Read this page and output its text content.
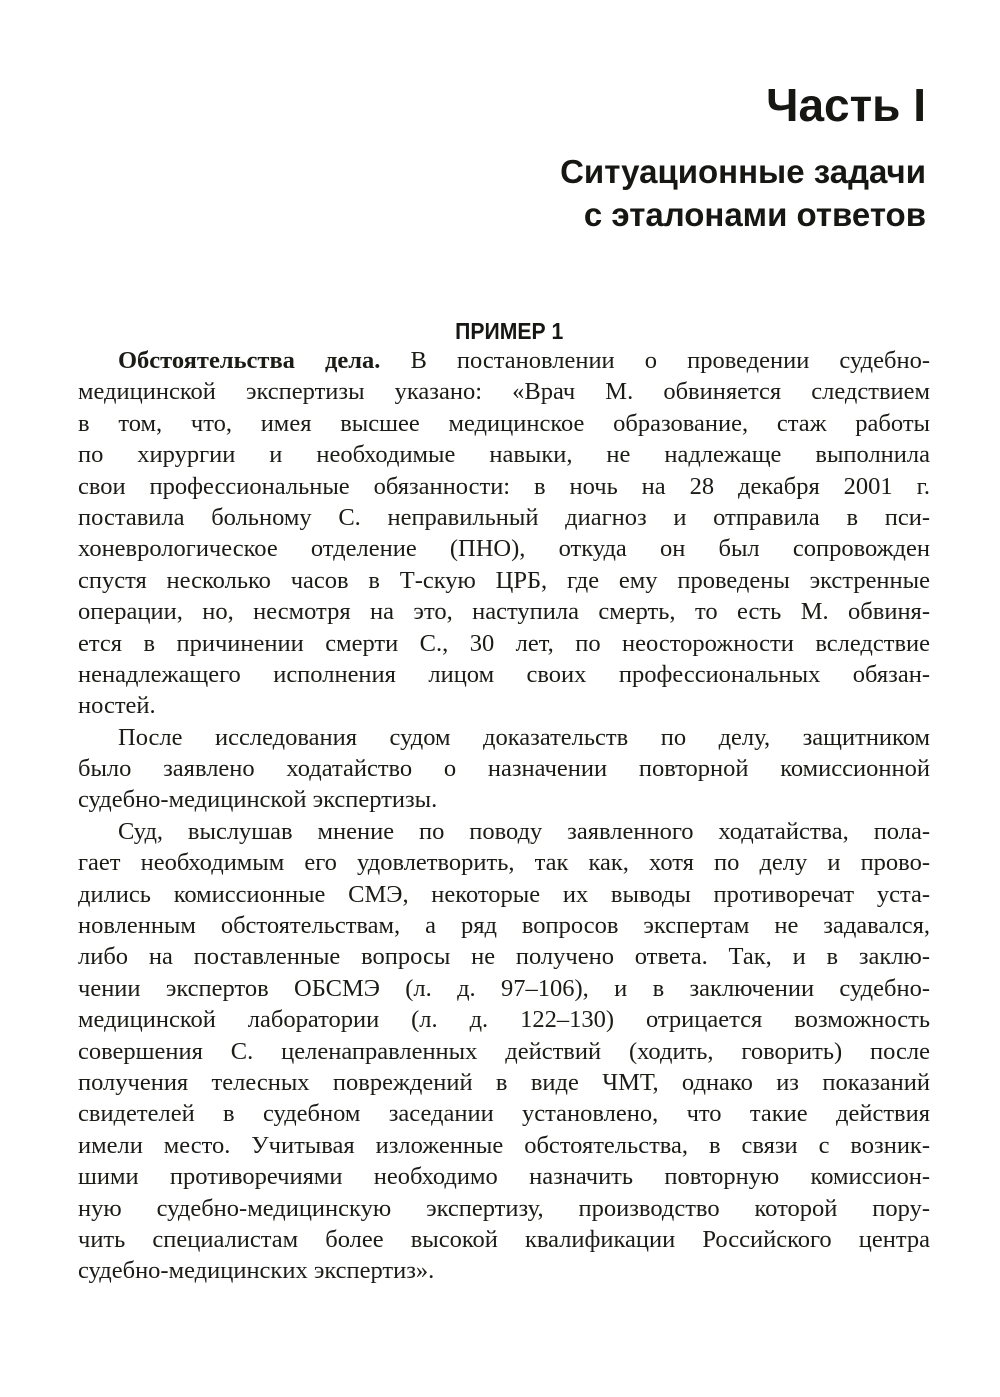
Часть I
Ситуационные задачи
с эталонами ответов
ПРИМЕР 1
Обстоятельства дела. В постановлении о проведении судебно-
медицинской экспертизы указано: «Врач М. обвиняется следствием
в том, что, имея высшее медицинское образование, стаж работы
по хирургии и необходимые навыки, не надлежаще выполнила
свои профессиональные обязанности: в ночь на 28 декабря 2001 г.
поставила больному С. неправильный диагноз и отправила в пси-
хоневрологическое отделение (ПНО), откуда он был сопровожден
спустя несколько часов в Т-скую ЦРБ, где ему проведены экстренные
операции, но, несмотря на это, наступила смерть, то есть М. обвиня-
ется в причинении смерти С., 30 лет, по неосторожности вследствие
ненадлежащего исполнения лицом своих профессиональных обязан-
ностей.
После исследования судом доказательств по делу, защитником
было заявлено ходатайство о назначении повторной комиссионной
судебно-медицинской экспертизы.
Суд, выслушав мнение по поводу заявленного ходатайства, пола-
гает необходимым его удовлетворить, так как, хотя по делу и прово-
дились комиссионные СМЭ, некоторые их выводы противоречат уста-
новленным обстоятельствам, а ряд вопросов экспертам не задавался,
либо на поставленные вопросы не получено ответа. Так, и в заклю-
чении экспертов ОБСМЭ (л. д. 97–106), и в заключении судебно-
медицинской лаборатории (л. д. 122–130) отрицается возможность
совершения С. целенаправленных действий (ходить, говорить) после
получения телесных повреждений в виде ЧМТ, однако из показаний
свидетелей в судебном заседании установлено, что такие действия
имели место. Учитывая изложенные обстоятельства, в связи с возник-
шими противоречиями необходимо назначить повторную комиссион-
ную судебно-медицинскую экспертизу, производство которой пору-
чить специалистам более высокой квалификации Российского центра
судебно-медицинских экспертиз».
